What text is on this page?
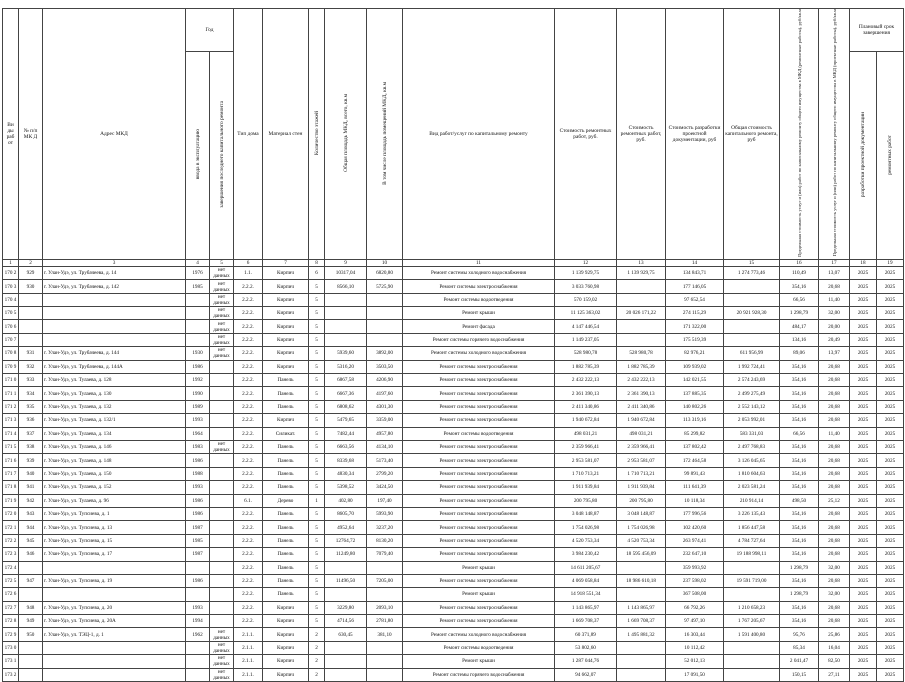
Ви ды раб от	№ п/п МК Д	Адрес МКД	Год		Тип дома	Материал стен	Количество этажей	Общая площадь МКД, всего, кв.м	В том числе площадь помещений МКД, кв.м	Вид работ/услуг по капитальному ремонту	Стоимость ремонтных работ, руб.	Стоимость ремонтных работ, руб.	Стоимость разработки проектной документации, руб	Общая стоимость капитального ремонта, руб	Предельная стоимость услуг и (или) работ по капитальному ремонту общего имущества в МКД (ремонтные работы), руб/кв.м	Предельная стоимость услуг и (или) работ по капитальному ремонту общего имущества в МКД (проектные работы), руб/кв.м	Плановый срок завершения	
			ввода в эксплуатацию	завершения последнего капитального ремонта													разработки проектной документации	ремонтных работ
1	2	3	4	5	6	7	8	9	10	11	12	13	14	15	16	17	18	19
170 2	929	г. Улан-Удэ, ул. Трубачеева, д. 14	1976	нет данных	1.1.	Кирпич	6	10317,04	6820,80	Ремонт системы холодного водоснабжения	1 139 929,75	1 139 929,75	134 843,71	1 274 773,46	110,49	13,07	2025	2025
170 3	930	г. Улан-Удэ, ул. Трубачеева, д. 142	1985	нет данных	2.2.2.	Кирпич	5	8566,10	5725,90	Ремонт системы электроснабжения	3 033 760,98		177 146,05		354,16	20,68	2025	2025
170 4				нет данных	2.2.2.	Кирпич	5			Ремонт системы водоотведения	570 159,02		97 652,54		66,56	11,40	2025	2025
170 5				нет данных	2.2.2.	Кирпич	5			Ремонт крыши	11 125 363,02	20 026 171,22	274 115,29	20 921 928,30	1 298,79	32,00	2025	2025
170 6				нет данных	2.2.2.	Кирпич	5			Ремонт фасада	4 147 446,54		171 322,00		484,17	20,00	2025	2025
170 7				нет данных	2.2.2.	Кирпич	5			Ремонт системы горячего водоснабжения	1 149 237,05		175 519,39		134,16	20,49	2025	2025
170 8	931	г. Улан-Удэ, ул. Трубачеева, д. 144	1930	нет данных	2.2.2.	Кирпич	5	5939,60	3892,00	Ремонт системы холодного водоснабжения	528 980,78	528 980,78	82 976,21	611 956,99	89,06	13,97	2025	2025
170 9	932	г. Улан-Удэ, ул. Трубачеева, д. 144А	1986		2.2.2.	Кирпич	5	5316,20	3503,50	Ремонт системы электроснабжения	1 882 785,39	1 882 785,39	109 939,02	1 992 724,41	354,16	20,68	2025	2025
171 0	933	г. Улан-Удэ, ул. Тулаева, д. 128	1992		2.2.2.	Панель	5	6867,58	4206,90	Ремонт системы электроснабжения	2 432 222,13	2 432 222,13	142 021,55	2 574 243,69	354,16	20,68	2025	2025
171 1	934	г. Улан-Удэ, ул. Тулаева, д. 130	1990		2.2.2.	Панель	5	6667,36	4197,60	Ремонт системы электроснабжения	2 361 390,13	2 361 390,13	137 885,35	2 499 275,49	354,16	20,68	2025	2025
171 2	935	г. Улан-Удэ, ул. Тулаева, д. 132	1989		2.2.2.	Панель	5	6808,62	4301,30	Ремонт системы электроснабжения	2 411 340,86	2 411 340,86	140 802,26	2 552 143,12	354,16	20,68	2025	2025
171 3	936	г. Улан-Удэ, ул. Тулаева, д. 132/1	1993		2.2.2.	Кирпич	5	5479,65	3359,00	Ремонт системы электроснабжения	1 940 672,84	1 940 672,84	113 319,16	2 053 992,01	354,16	20,68	2025	2025
171 4	937	г. Улан-Удэ, ул. Тулаева, д. 134	1964		2.2.2.	Силикат.	5	7482,44	4957,80	Ремонт системы водоотведения	498 031,21	498 031,21	85 299,82	583 331,03	66,56	11,40	2025	2025
171 5	938	г. Улан-Удэ, ул. Тулаева, д. 146	1983	нет данных	2.2.2.	Панель	5	6663,56	4134,10	Ремонт системы электроснабжения	2 359 966,41	2 359 966,41	137 802,42	2 497 768,83	354,16	20,68	2025	2025
171 6	939	г. Улан-Удэ, ул. Тулаева, д. 148	1986		2.2.2.	Панель	5	8339,68	5173,40	Ремонт системы электроснабжения	2 953 581,07	2 953 581,07	172 464,58	3 126 045,65	354,16	20,68	2025	2025
171 7	940	г. Улан-Удэ, ул. Тулаева, д. 150	1988		2.2.2.	Панель	5	4830,34	2799,20	Ремонт системы электроснабжения	1 710 713,21	1 710 713,21	99 891,43	1 810 604,63	354,16	20,68	2025	2025
171 8	941	г. Улан-Удэ, ул. Тулаева, д. 152	1993		2.2.2.	Панель	5	5398,52	3424,50	Ремонт системы электроснабжения	1 911 939,84	1 911 939,84	111 641,39	2 023 581,24	354,16	20,68	2025	2025
171 9	942	г. Улан-Удэ, ул. Тулаева, д. 96	1986		6.1.	Дерево	1	402,80	197,40	Ремонт системы электроснабжения	200 795,80	200 795,80	10 118,34	210 914,14	498,50	25,12	2025	2025
172 0	943	г. Улан-Удэ, ул. Тупсиева, д. 1	1986		2.2.2.	Панель	5	8605,70	5993,90	Ремонт системы электроснабжения	3 048 148,87	3 048 148,87	177 996,56	3 226 135,43	354,16	20,68	2025	2025
172 1	944	г. Улан-Удэ, ул. Тупсиева, д. 13	1987		2.2.2.	Панель	5	4952,64	3237,20	Ремонт системы электроснабжения	1 754 026,98	1 754 026,98	102 420,60	1 856 447,58	354,16	20,68	2025	2025
172 2	945	г. Улан-Удэ, ул. Тупсиева, д. 15	1985		2.2.2.	Панель	5	12764,72	8130,20	Ремонт системы электроснабжения	4 520 753,34	4 520 753,34	263 974,41	4 784 727,64	354,16	20,68	2025	2025
172 3	946	г. Улан-Удэ, ул. Тупсиева, д. 17	1987		2.2.2.	Панель	5	11249,80	7079,40	Ремонт системы электроснабжения	3 984 230,42	18 595 456,09	232 647,10	19 188 998,11	354,16	20,68	2025	2025
172 4					2.2.2.	Панель	5			Ремонт крыши	14 611 205,67		359 993,92		1 298,79	32,00	2025	2025
172 5	947	г. Улан-Удэ, ул. Тупсиева, д. 19	1986		2.2.2.	Панель	5	11496,50	7205,00	Ремонт системы электроснабжения	4 069 058,84	18 986 610,18	237 598,02	19 591 719,00	354,16	20,68	2025	2025
172 6					2.2.2.	Панель	5			Ремонт крыши	14 918 551,34		367 508,00		1 298,79	32,00	2025	2025
172 7	948	г. Улан-Удэ, ул. Тупсиева, д. 20	1993		2.2.2.	Кирпич	5	3229,80	2093,10	Ремонт системы электроснабжения	1 143 865,97	1 143 865,97	66 792,26	1 210 658,23	354,16	20,68	2025	2025
172 8	949	г. Улан-Удэ, ул. Тупсиева, д. 20А	1994		2.2.2.	Кирпич	5	4714,56	2781,80	Ремонт системы электроснабжения	1 669 708,37	1 669 708,37	97 497,10	1 767 205,67	354,16	20,68	2025	2025
172 9	950	г. Улан-Удэ, ул. ТЭЦ-1, д. 1	1962	нет данных	2.1.1.	Кирпич	2	630,45	381,10	Ремонт системы холодного водоснабжения	60 371,89	1 495 881,32	16 303,44	1 591 400,80	95,76	25,86	2025	2025
173 0				нет данных	2.1.1.	Кирпич	2			Ремонт системы водоотведения	53 802,60		10 112,42		85,34	16,04	2025	2025
173 1				нет данных	2.1.1.	Кирпич	2			Ремонт крыши	1 287 044,76		52 012,13		2 041,47	82,50	2025	2025
173 2				нет данных	2.1.1.	Кирпич	2			Ремонт системы горячего водоснабжения	94 662,07		17 091,50		150,15	27,11	2025	2025
